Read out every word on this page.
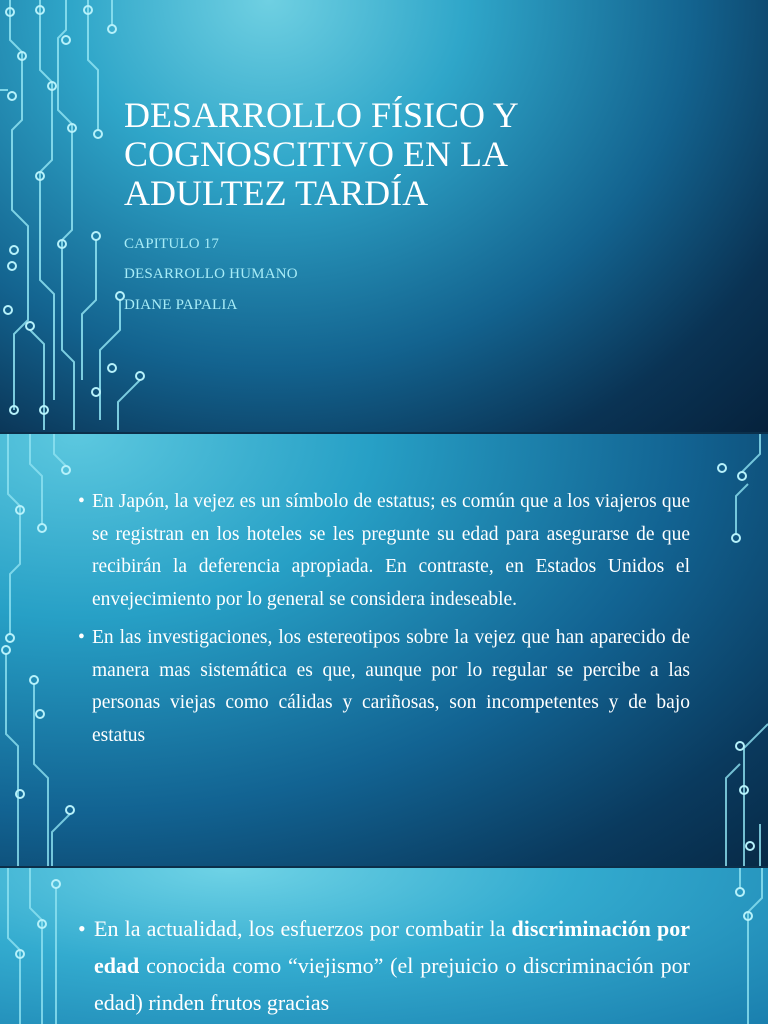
DESARROLLO FÍSICO Y
COGNOSCITIVO EN LA
ADULTEZ TARDÍA

CAPITULO 17

DESARROLLO HUMANO

DIANE PAPALIA

• En Japón, la vejez es un símbolo de estatus; es común que a los viajeros que se registran en los hoteles se les pregunte su edad para asegurarse de que recibirán la deferencia apropiada. En contraste, en Estados Unidos el envejecimiento por lo general se considera indeseable.
• En las investigaciones, los estereotipos sobre la vejez que han aparecido de manera mas sistemática es que, aunque por lo regular se percibe a las personas viejas como cálidas y cariñosas, son incompetentes y de bajo estatus
• En la actualidad, los esfuerzos por combatir la discriminación por edad conocida como “viejismo” (el prejuicio o discriminación por edad) rinden frutos gracias
